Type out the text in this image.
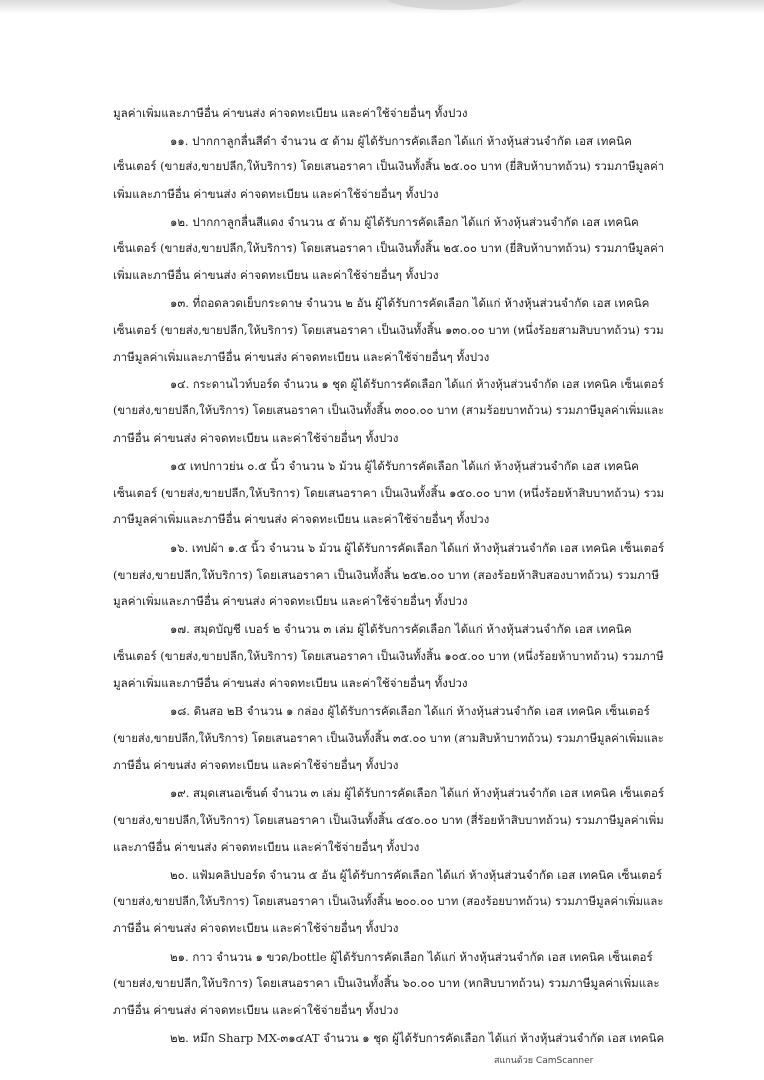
มูลค่าเพิ่มและภาษีอื่น ค่าขนส่ง ค่าจดทะเบียน และค่าใช้จ่ายอื่นๆ ทั้งปวง
๑๑. ปากกาลูกลื่นสีดำ จำนวน ๕ ด้าม ผู้ได้รับการคัดเลือก ได้แก่ ห้างหุ้นส่วนจำกัด เอส เทคนิค
เซ็นเตอร์ (ขายส่ง,ขายปลีก,ให้บริการ) โดยเสนอราคา เป็นเงินทั้งสิ้น ๒๕.๐๐ บาท (ยี่สิบห้าบาทถ้วน) รวมภาษีมูลค่า
เพิ่มและภาษีอื่น ค่าขนส่ง ค่าจดทะเบียน และค่าใช้จ่ายอื่นๆ ทั้งปวง
๑๒. ปากกาลูกลื่นสีแดง จำนวน ๕ ด้าม ผู้ได้รับการคัดเลือก ได้แก่ ห้างหุ้นส่วนจำกัด เอส เทคนิค
เซ็นเตอร์ (ขายส่ง,ขายปลีก,ให้บริการ) โดยเสนอราคา เป็นเงินทั้งสิ้น ๒๕.๐๐ บาท (ยี่สิบห้าบาทถ้วน) รวมภาษีมูลค่า
เพิ่มและภาษีอื่น ค่าขนส่ง ค่าจดทะเบียน และค่าใช้จ่ายอื่นๆ ทั้งปวง
๑๓. ที่ถอดลวดเย็บกระดาษ จำนวน ๒ อัน ผู้ได้รับการคัดเลือก ได้แก่ ห้างหุ้นส่วนจำกัด เอส เทคนิค
เซ็นเตอร์ (ขายส่ง,ขายปลีก,ให้บริการ) โดยเสนอราคา เป็นเงินทั้งสิ้น ๑๓๐.๐๐ บาท (หนึ่งร้อยสามสิบบาทถ้วน) รวม
ภาษีมูลค่าเพิ่มและภาษีอื่น ค่าขนส่ง ค่าจดทะเบียน และค่าใช้จ่ายอื่นๆ ทั้งปวง
๑๔. กระดานไวท์บอร์ด จำนวน ๑ ชุด ผู้ได้รับการคัดเลือก ได้แก่ ห้างหุ้นส่วนจำกัด เอส เทคนิค เซ็นเตอร์
(ขายส่ง,ขายปลีก,ให้บริการ) โดยเสนอราคา เป็นเงินทั้งสิ้น ๓๐๐.๐๐ บาท (สามร้อยบาทถ้วน) รวมภาษีมูลค่าเพิ่มและ
ภาษีอื่น ค่าขนส่ง ค่าจดทะเบียน และค่าใช้จ่ายอื่นๆ ทั้งปวง
๑๕ เทปกาวย่น ๐.๕ นิ้ว จำนวน ๖ ม้วน ผู้ได้รับการคัดเลือก ได้แก่ ห้างหุ้นส่วนจำกัด เอส เทคนิค
เซ็นเตอร์ (ขายส่ง,ขายปลีก,ให้บริการ) โดยเสนอราคา เป็นเงินทั้งสิ้น ๑๕๐.๐๐ บาท (หนึ่งร้อยห้าสิบบาทถ้วน) รวม
ภาษีมูลค่าเพิ่มและภาษีอื่น ค่าขนส่ง ค่าจดทะเบียน และค่าใช้จ่ายอื่นๆ ทั้งปวง
๑๖. เทปผ้า ๑.๕ นิ้ว จำนวน ๖ ม้วน ผู้ได้รับการคัดเลือก ได้แก่ ห้างหุ้นส่วนจำกัด เอส เทคนิค เซ็นเตอร์
(ขายส่ง,ขายปลีก,ให้บริการ) โดยเสนอราคา เป็นเงินทั้งสิ้น ๒๕๒.๐๐ บาท (สองร้อยห้าสิบสองบาทถ้วน) รวมภาษี
มูลค่าเพิ่มและภาษีอื่น ค่าขนส่ง ค่าจดทะเบียน และค่าใช้จ่ายอื่นๆ ทั้งปวง
๑๗. สมุดบัญชี เบอร์ ๒ จำนวน ๓ เล่ม ผู้ได้รับการคัดเลือก ได้แก่ ห้างหุ้นส่วนจำกัด เอส เทคนิค
เซ็นเตอร์ (ขายส่ง,ขายปลีก,ให้บริการ) โดยเสนอราคา เป็นเงินทั้งสิ้น ๑๐๕.๐๐ บาท (หนึ่งร้อยห้าบาทถ้วน) รวมภาษี
มูลค่าเพิ่มและภาษีอื่น ค่าขนส่ง ค่าจดทะเบียน และค่าใช้จ่ายอื่นๆ ทั้งปวง
๑๘. ดินสอ ๒B จำนวน ๑ กล่อง ผู้ได้รับการคัดเลือก ได้แก่ ห้างหุ้นส่วนจำกัด เอส เทคนิค เซ็นเตอร์
(ขายส่ง,ขายปลีก,ให้บริการ) โดยเสนอราคา เป็นเงินทั้งสิ้น ๓๕.๐๐ บาท (สามสิบห้าบาทถ้วน) รวมภาษีมูลค่าเพิ่มและ
ภาษีอื่น ค่าขนส่ง ค่าจดทะเบียน และค่าใช้จ่ายอื่นๆ ทั้งปวง
๑๙. สมุดเสนอเซ็นต์ จำนวน ๓ เล่ม ผู้ได้รับการคัดเลือก ได้แก่ ห้างหุ้นส่วนจำกัด เอส เทคนิค เซ็นเตอร์
(ขายส่ง,ขายปลีก,ให้บริการ) โดยเสนอราคา เป็นเงินทั้งสิ้น ๔๕๐.๐๐ บาท (สี่ร้อยห้าสิบบาทถ้วน) รวมภาษีมูลค่าเพิ่ม
และภาษีอื่น ค่าขนส่ง ค่าจดทะเบียน และค่าใช้จ่ายอื่นๆ ทั้งปวง
๒๐. แฟ้มคลิปบอร์ด จำนวน ๕ อัน ผู้ได้รับการคัดเลือก ได้แก่ ห้างหุ้นส่วนจำกัด เอส เทคนิค เซ็นเตอร์
(ขายส่ง,ขายปลีก,ให้บริการ) โดยเสนอราคา เป็นเงินทั้งสิ้น ๒๐๐.๐๐ บาท (สองร้อยบาทถ้วน) รวมภาษีมูลค่าเพิ่มและ
ภาษีอื่น ค่าขนส่ง ค่าจดทะเบียน และค่าใช้จ่ายอื่นๆ ทั้งปวง
๒๑. กาว จำนวน ๑ ขวด/bottle ผู้ได้รับการคัดเลือก ได้แก่ ห้างหุ้นส่วนจำกัด เอส เทคนิค เซ็นเตอร์
(ขายส่ง,ขายปลีก,ให้บริการ) โดยเสนอราคา เป็นเงินทั้งสิ้น ๖๐.๐๐ บาท (หกสิบบาทถ้วน) รวมภาษีมูลค่าเพิ่มและ
ภาษีอื่น ค่าขนส่ง ค่าจดทะเบียน และค่าใช้จ่ายอื่นๆ ทั้งปวง
๒๒. หมึก Sharp MX-๓๑๔AT จำนวน ๑ ชุด ผู้ได้รับการคัดเลือก ได้แก่ ห้างหุ้นส่วนจำกัด เอส เทคนิค
สแกนด้วย CamScanner
